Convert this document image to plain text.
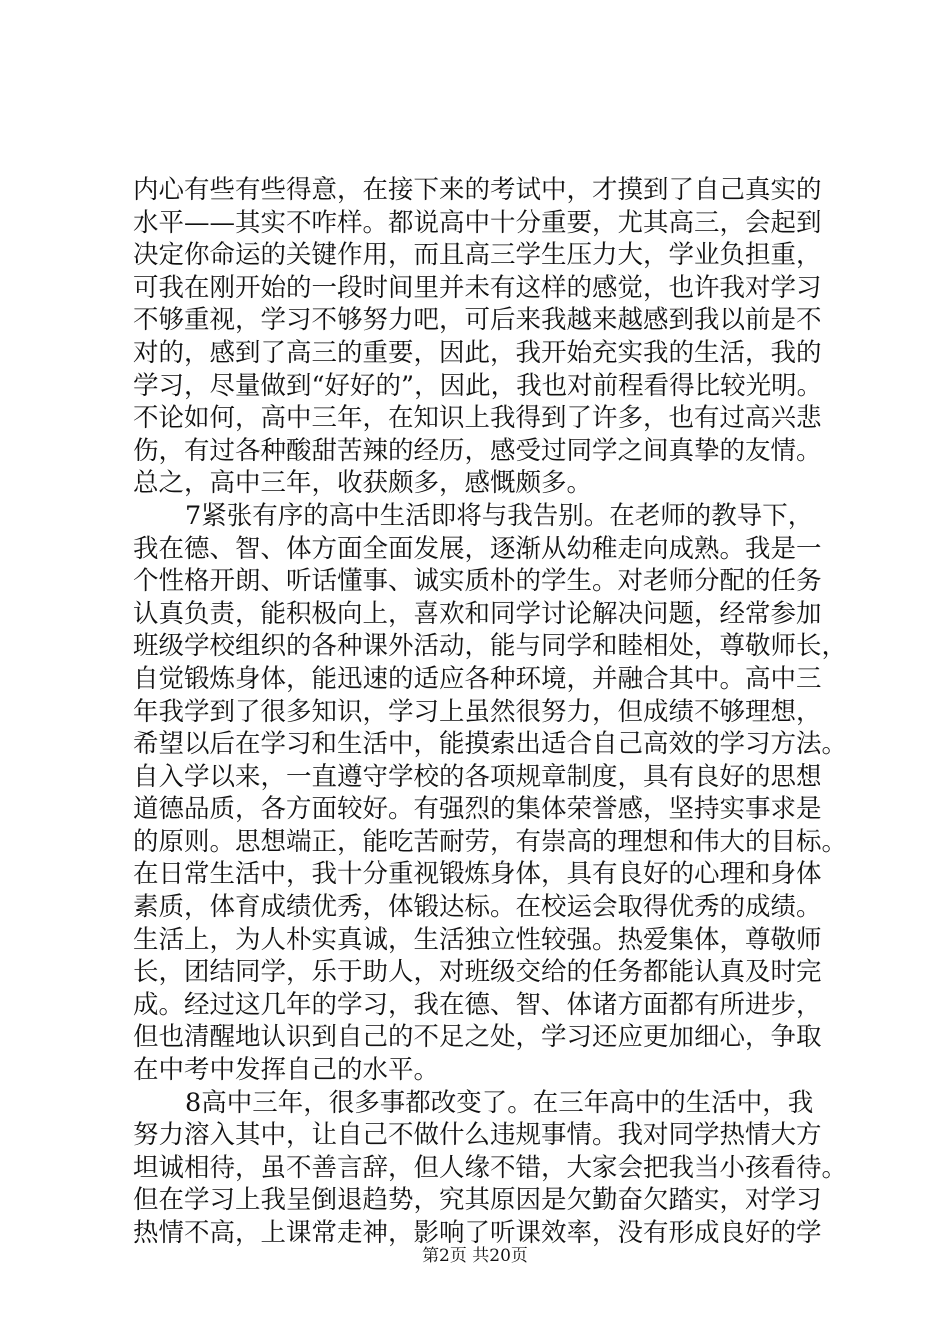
内心有些有些得意，在接下来的考试中，才摸到了自己真实的
水平——其实不咋样。都说高中十分重要，尤其高三，会起到
决定你命运的关键作用，而且高三学生压力大，学业负担重，
可我在刚开始的一段时间里并未有这样的感觉，也许我对学习
不够重视，学习不够努力吧，可后来我越来越感到我以前是不
对的，感到了高三的重要，因此，我开始充实我的生活，我的
学习，尽量做到“好好的”，因此，我也对前程看得比较光明。
不论如何，高中三年，在知识上我得到了许多，也有过高兴悲
伤，有过各种酸甜苦辣的经历，感受过同学之间真挚的友情。
总之，高中三年，收获颇多，感慨颇多。
7紧张有序的高中生活即将与我告别。在老师的教导下，
我在德、智、体方面全面发展，逐渐从幼稚走向成熟。我是一
个性格开朗、听话懂事、诚实质朴的学生。对老师分配的任务
认真负责，能积极向上，喜欢和同学讨论解决问题，经常参加
班级学校组织的各种课外活动，能与同学和睦相处，尊敬师长，
自觉锻炼身体，能迅速的适应各种环境，并融合其中。高中三
年我学到了很多知识，学习上虽然很努力，但成绩不够理想，
希望以后在学习和生活中，能摸索出适合自己高效的学习方法。
自入学以来，一直遵守学校的各项规章制度，具有良好的思想
道德品质，各方面较好。有强烈的集体荣誉感，坚持实事求是
的原则。思想端正，能吃苦耐劳，有崇高的理想和伟大的目标。
在日常生活中，我十分重视锻炼身体，具有良好的心理和身体
素质，体育成绩优秀，体锻达标。在校运会取得优秀的成绩。
生活上，为人朴实真诚，生活独立性较强。热爱集体，尊敬师
长，团结同学，乐于助人，对班级交给的任务都能认真及时完
成。经过这几年的学习，我在德、智、体诸方面都有所进步，
但也清醒地认识到自己的不足之处，学习还应更加细心，争取
在中考中发挥自己的水平。
8高中三年，很多事都改变了。在三年高中的生活中，我
努力溶入其中，让自己不做什么违规事情。我对同学热情大方
坦诚相待，虽不善言辞，但人缘不错，大家会把我当小孩看待。
但在学习上我呈倒退趋势，究其原因是欠勤奋欠踏实，对学习
热情不高，上课常走神，影响了听课效率，没有形成良好的学
第2页 共20页
